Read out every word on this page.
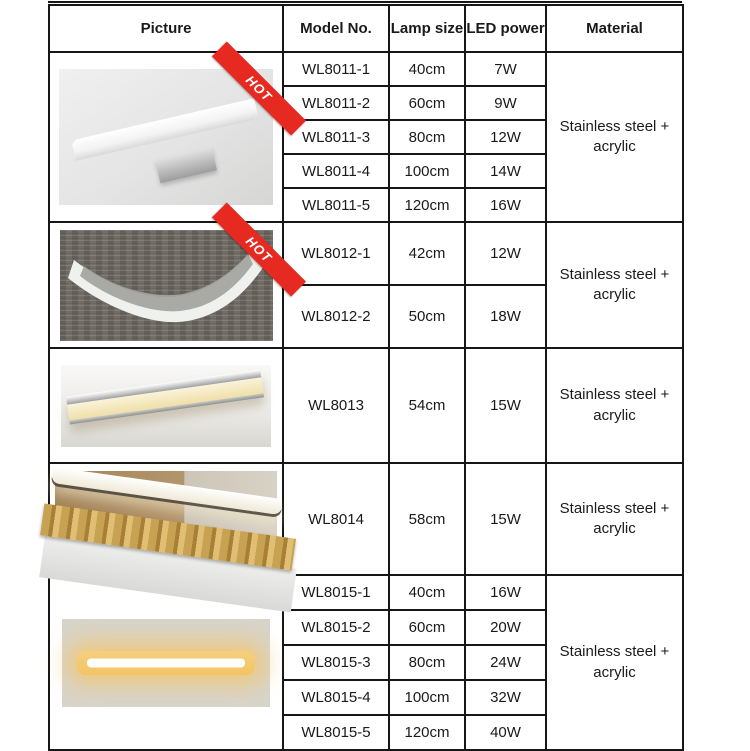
Picture	Model No.	Lamp size	LED power	Material

HOT	WL8011-1	40cm	7W	Stainless steel + acrylic
	WL8011-2	60cm	9W	
	WL8011-3	80cm	12W	
	WL8011-4	100cm	14W	
	WL8011-5	120cm	16W	

HOT	WL8012-1	42cm	12W	Stainless steel + acrylic
	WL8012-2	50cm	18W	

	WL8013	54cm	15W	Stainless steel + acrylic

	WL8014	58cm	15W	Stainless steel + acrylic

	WL8015-1	40cm	16W	Stainless steel + acrylic
	WL8015-2	60cm	20W	
	WL8015-3	80cm	24W	
	WL8015-4	100cm	32W	
	WL8015-5	120cm	40W	
